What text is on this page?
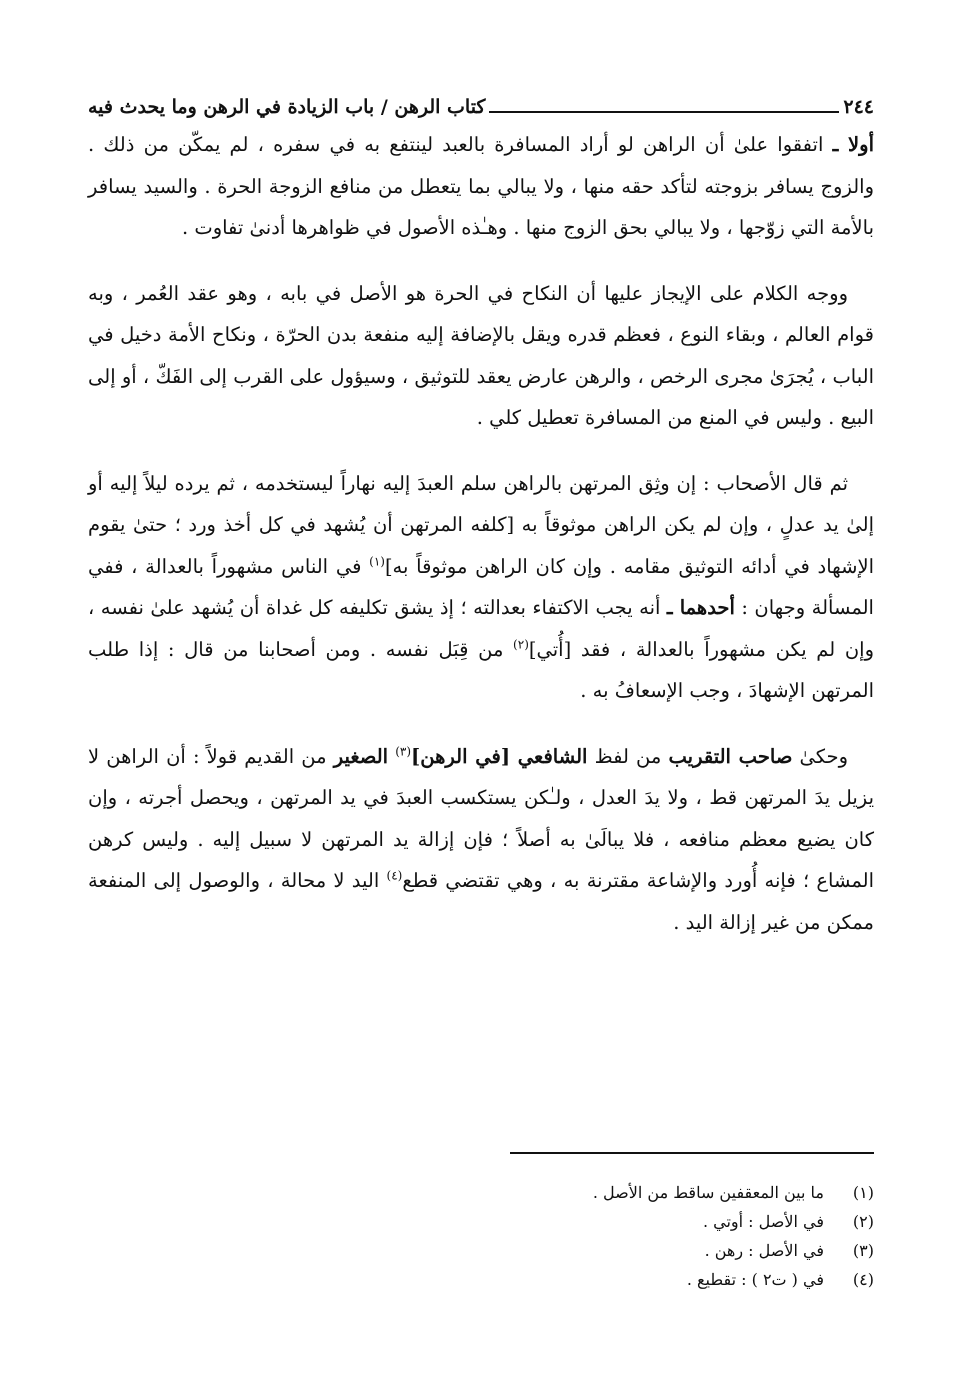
٢٤٤
كتاب الرهن / باب الزيادة في الرهن وما يحدث فيه

أولا ـ اتفقوا علىٰ أن الراهن لو أراد المسافرة بالعبد لينتفع به في سفره ، لم يمكّن من ذلك . والزوج يسافر بزوجته لتأكد حقه منها ، ولا يبالي بما يتعطل من منافع الزوجة الحرة . والسيد يسافر بالأمة التي زوّجها ، ولا يبالي بحق الزوج منها . وهـٰذه الأصول في ظواهرها أدنىٰ تفاوت .

ووجه الكلام على الإيجاز عليها أن النكاح في الحرة هو الأصل في بابه ، وهو عقد العُمر ، وبه قوام العالم ، وبقاء النوع ، فعظم قدره ويقل بالإضافة إليه منفعة بدن الحرّة ، ونكاح الأمة دخيل في الباب ، يُجرَىٰ مجرى الرخص ، والرهن عارض يعقد للتوثيق ، وسيؤول على القرب إلى الفَكّ ، أو إلى البيع . وليس في المنع من المسافرة تعطيل كلي .

ثم قال الأصحاب : إن وثِق المرتهن بالراهن سلم العبدَ إليه نهاراً ليستخدمه ، ثم يرده ليلاً إليه أو إلىٰ يد عدلٍ ، وإن لم يكن الراهن موثوقاً به [كلفه المرتهن أن يُشهد في كل أخذ ورد ؛ حتىٰ يقوم الإشهاد في أدائه التوثيق مقامه . وإن كان الراهن موثوقاً به]$^{(١)}$ في الناس مشهوراً بالعدالة ، ففي المسألة وجهان : أحدهما ـ أنه يجب الاكتفاء بعدالته ؛ إذ يشق تكليفه كل غداة أن يُشهد علىٰ نفسه ، وإن لم يكن مشهوراً بالعدالة ، فقد [أُتي]$^{(٢)}$ من قِبَل نفسه . ومن أصحابنا من قال : إذا طلب المرتهن الإشهادَ ، وجب الإسعافُ به .

وحكىٰ صاحب التقريب من لفظ الشافعي [في الرهن]$^{(٣)}$ الصغير من القديم قولاً : أن الراهن لا يزيل يدَ المرتهن قط ، ولا يدَ العدل ، ولـٰكن يستكسب العبدَ في يد المرتهن ، ويحصل أجرته ، وإن كان يضيع معظم منافعه ، فلا يبالَىٰ به أصلاً ؛ فإن إزالة يد المرتهن لا سبيل إليه . وليس كرهن المشاع ؛ فإنه أُورد والإشاعة مقترنة به ، وهي تقتضي قطع$^{(٤)}$ اليد لا محالة ، والوصول إلى المنفعة ممكن من غير إزالة اليد .

(١)
ما بين المعقفين ساقط من الأصل .
(٢)
في الأصل : أوتي .
(٣)
في الأصل : رهن .
(٤)
في ( ت٢ ) : تقطيع .
